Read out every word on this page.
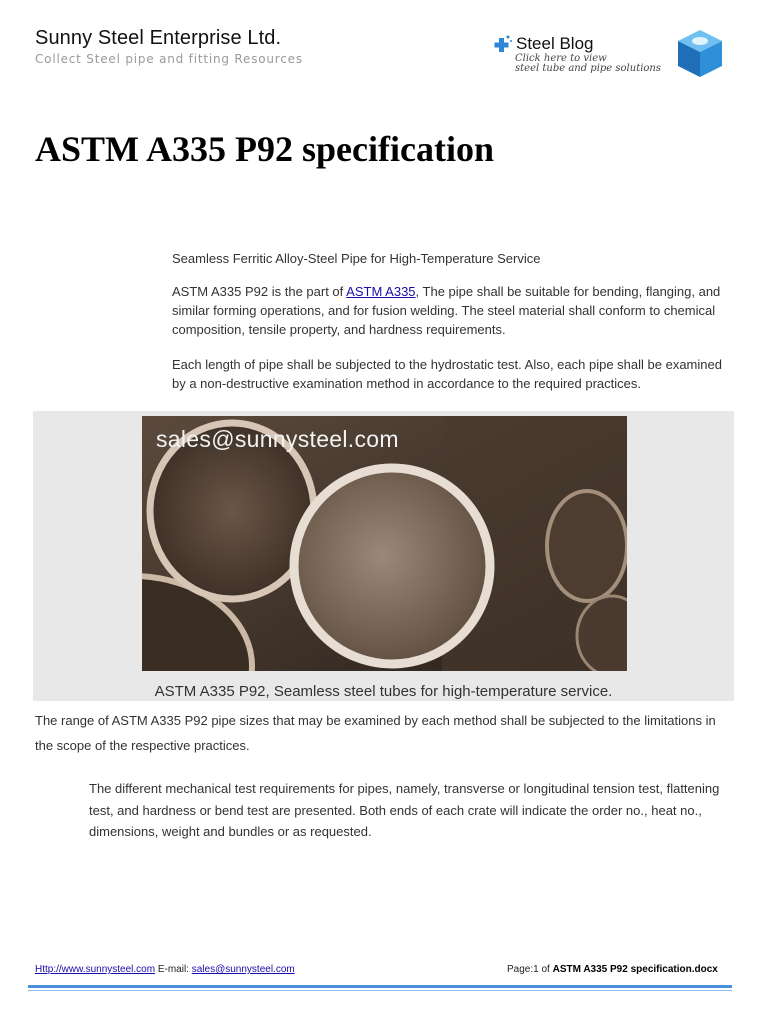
Sunny Steel Enterprise Ltd.
Collect Steel pipe and fitting Resources
Steel Blog
Click here to view
steel tube and pipe solutions
ASTM A335 P92 specification
Seamless Ferritic Alloy-Steel Pipe for High-Temperature Service
ASTM A335 P92 is the part of ASTM A335, The pipe shall be suitable for bending, flanging, and similar forming operations, and for fusion welding. The steel material shall conform to chemical composition, tensile property, and hardness requirements.
Each length of pipe shall be subjected to the hydrostatic test. Also, each pipe shall be examined by a non-destructive examination method in accordance to the required practices.
sales@sunnysteel.com
ASTM A335 P92, Seamless steel tubes for high-temperature service.
The range of ASTM A335 P92 pipe sizes that may be examined by each method shall be subjected to the limitations in the scope of the respective practices.
The different mechanical test requirements for pipes, namely, transverse or longitudinal tension test, flattening test, and hardness or bend test are presented. Both ends of each crate will indicate the order no., heat no., dimensions, weight and bundles or as requested.
Http://www.sunnysteel.com E-mail: sales@sunnysteel.com	Page:1 of ASTM A335 P92 specification.docx
